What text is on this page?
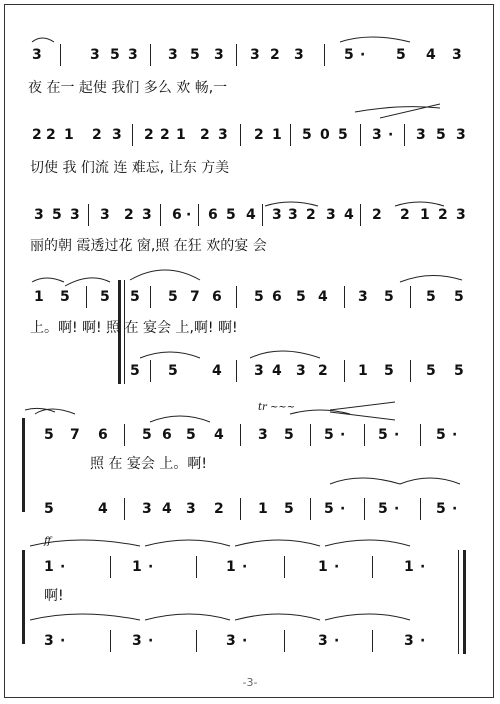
3	3 5 3 3 5 3 3 2 3	5 · 5 4 3
夜 在一 起使 我们 多么 欢 畅,一
2 2 1 2 3 2 2 1 2 3 2 1 5 0 5 3 · 3 5 3
切使 我 们流 连 难忘, 让东 方美
3 5 3 3 2 3 6 · 6 5 4 3 3 2 3 4 2 2 1 2 3
丽的朝 霞透过花 窗,照 在狂 欢的宴 会
1 5 5 5 5 7 6 5 6 5 4 3 5 5 5
上。啊! 啊! 照 在 宴会 上,啊! 啊!
5 5 4 3 4 3 2 1 5 5 5
tr ~~~
5 7 6 5 6 5 4 3 5 5 · 5 ·	5 ·
照 在 宴会 上。啊!
5	4 3 4 3 2 1 5 5 · 5 ·	5 ·
ff
1 ·	1 ·	1 ·	1 ·	1 ·
啊!
3 ·	3 ·	3 ·	3 ·	3 ·
-3-
